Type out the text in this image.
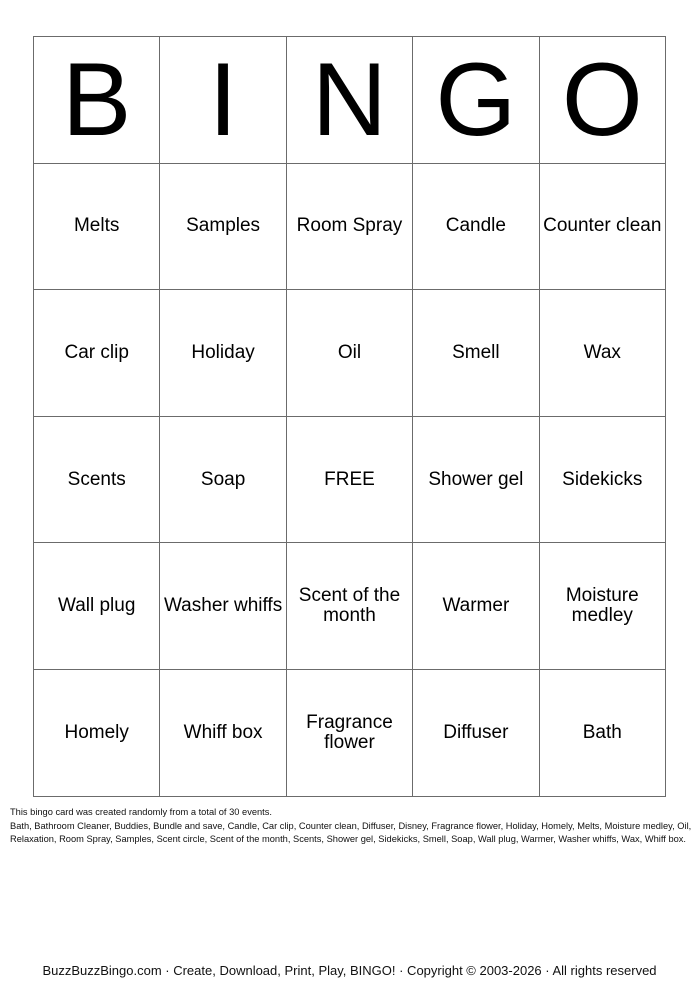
B	I	N	G	O
Melts	Samples	Room Spray	Candle	Counter clean
Car clip	Holiday	Oil	Smell	Wax
Scents	Soap	FREE	Shower gel	Sidekicks
Wall plug	Washer whiffs	Scent of the month	Warmer	Moisture medley
Homely	Whiff box	Fragrance flower	Diffuser	Bath
This bingo card was created randomly from a total of 30 events.
Bath, Bathroom Cleaner, Buddies, Bundle and save, Candle, Car clip, Counter clean, Diffuser, Disney, Fragrance flower, Holiday, Homely, Melts, Moisture medley, Oil, Relaxation, Room Spray, Samples, Scent circle, Scent of the month, Scents, Shower gel, Sidekicks, Smell, Soap, Wall plug, Warmer, Washer whiffs, Wax, Whiff box.
BuzzBuzzBingo.com · Create, Download, Print, Play, BINGO! · Copyright © 2003-2026 · All rights reserved
